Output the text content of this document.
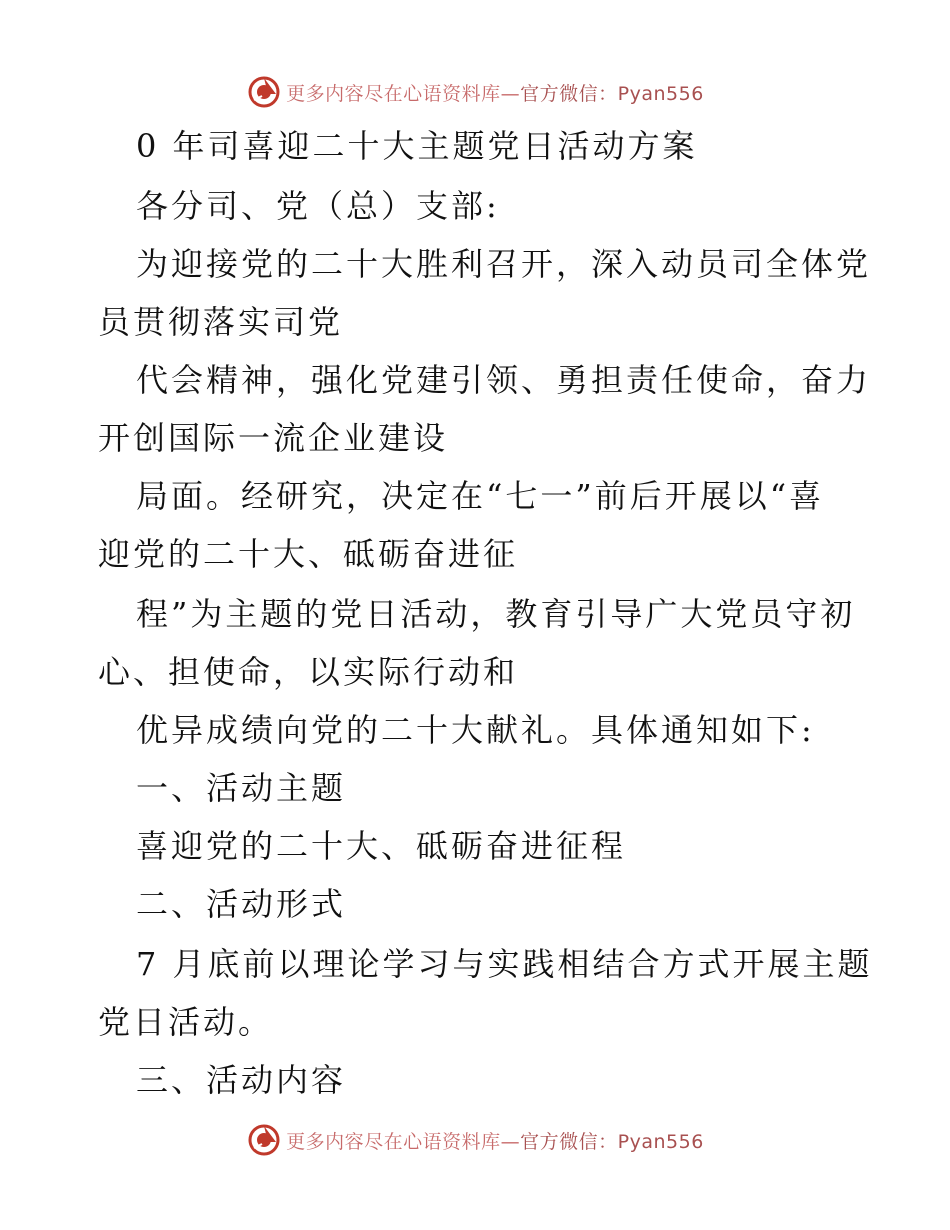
更多内容尽在心语资料库—官方微信：Pyan556
0 年司喜迎二十大主题党日活动方案
各分司、党（总）支部:
为迎接党的二十大胜利召开，深入动员司全体党
员贯彻落实司党
代会精神，强化党建引领、勇担责任使命，奋力
开创国际一流企业建设
局面。经研究，决定在“七一”前后开展以“喜
迎党的二十大、砥砺奋进征
程”为主题的党日活动，教育引导广大党员守初
心、担使命，以实际行动和
优异成绩向党的二十大献礼。具体通知如下:
一、活动主题
喜迎党的二十大、砥砺奋进征程
二、活动形式
7 月底前以理论学习与实践相结合方式开展主题
党日活动。
三、活动内容
更多内容尽在心语资料库—官方微信：Pyan556
